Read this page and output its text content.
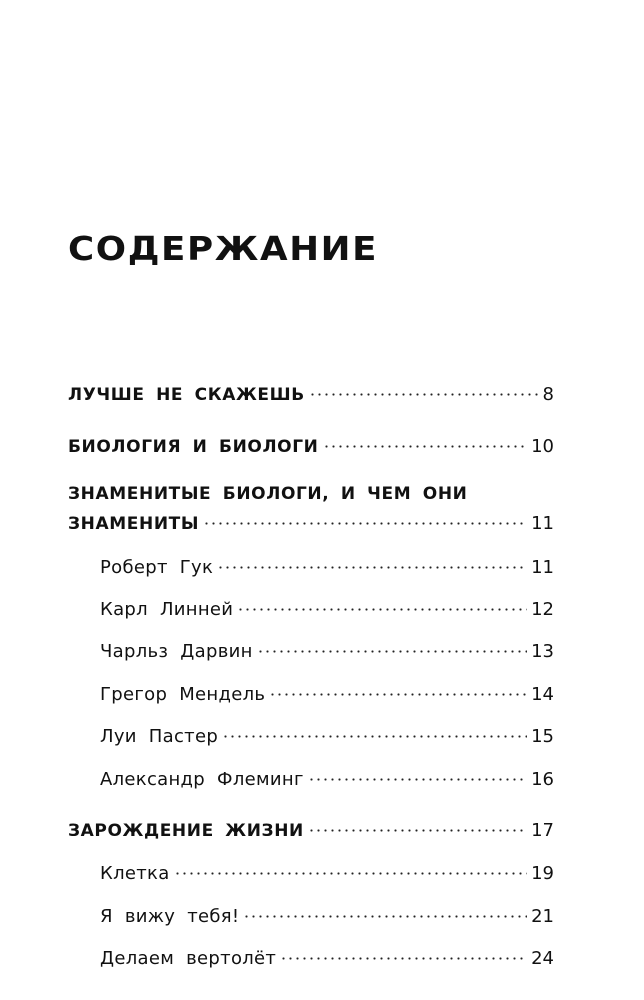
СОДЕРЖАНИЕ
ЛУЧШЕ НЕ СКАЖЕШЬ	8
БИОЛОГИЯ И БИОЛОГИ	10
ЗНАМЕНИТЫЕ БИОЛОГИ, И ЧЕМ ОНИ
ЗНАМЕНИТЫ	11
Роберт Гук	11
Карл Линней	12
Чарльз Дарвин	13
Грегор Мендель	14
Луи Пастер	15
Александр Флеминг	16
ЗАРОЖДЕНИЕ ЖИЗНИ	17
Клетка	19
Я вижу тебя!	21
Делаем вертолёт	24
